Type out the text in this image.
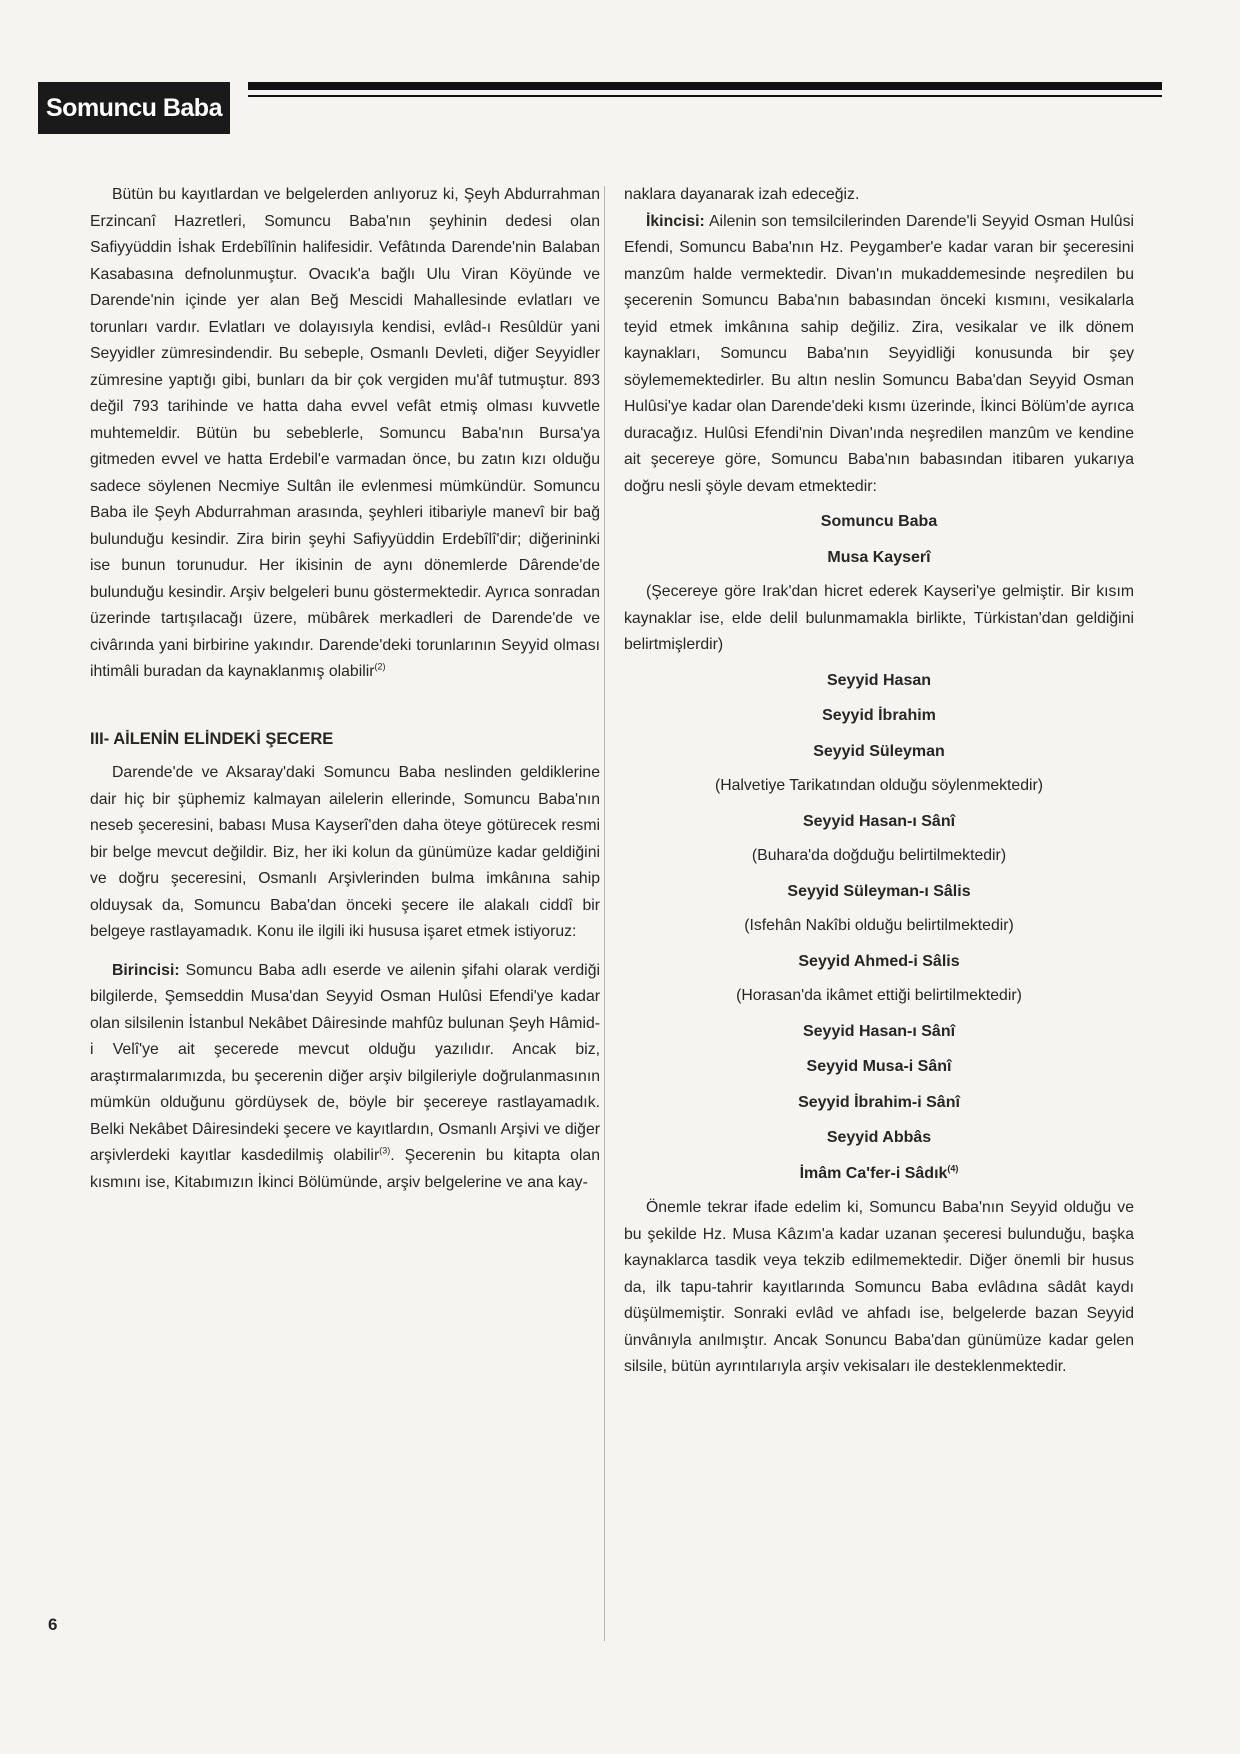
Somuncu Baba

Bütün bu kayıtlardan ve belgelerden anlıyoruz ki, Şeyh Abdurrahman Erzincanî Hazretleri, Somuncu Baba'nın şeyhinin dedesi olan Safiyyüddin İshak Erdebîlînin halifesidir. Vefâtında Darende'nin Balaban Kasabasına defnolunmuştur. Ovacık'a bağlı Ulu Viran Köyünde ve Darende'nin içinde yer alan Beğ Mescidi Mahallesinde evlatları ve torunları vardır. Evlatları ve dolayısıyla kendisi, evlâd-ı Resûldür yani Seyyidler zümresindendir. Bu sebeple, Osmanlı Devleti, diğer Seyyidler zümresine yaptığı gibi, bunları da bir çok vergiden mu'âf tutmuştur. 893 değil 793 tarihinde ve hatta daha evvel vefât etmiş olması kuvvetle muhtemeldir. Bütün bu sebeblerle, Somuncu Baba'nın Bursa'ya gitmeden evvel ve hatta Erdebil'e varmadan önce, bu zatın kızı olduğu sadece söylenen Necmiye Sultân ile evlenmesi mümkündür. Somuncu Baba ile Şeyh Abdurrahman arasında, şeyhleri itibariyle manevî bir bağ bulunduğu kesindir. Zira birin şeyhi Safiyyüddin Erdebîlî'dir; diğerininki ise bunun torunudur. Her ikisinin de aynı dönemlerde Dârende'de bulunduğu kesindir. Arşiv belgeleri bunu göstermektedir. Ayrıca sonradan üzerinde tartışılacağı üzere, mübârek merkadleri de Darende'de ve civârında yani birbirine yakındır. Darende'deki torunlarının Seyyid olması ihtimâli buradan da kaynaklanmış olabilir$^{(2)}$

III- AİLENİN ELİNDEKİ ŞECERE

Darende'de ve Aksaray'daki Somuncu Baba neslinden geldiklerine dair hiç bir şüphemiz kalmayan ailelerin ellerinde, Somuncu Baba'nın neseb şeceresini, babası Musa Kayserî'den daha öteye götürecek resmi bir belge mevcut değildir. Biz, her iki kolun da günümüze kadar geldiğini ve doğru şeceresini, Osmanlı Arşivlerinden bulma imkânına sahip olduysak da, Somuncu Baba'dan önceki şecere ile alakalı ciddî bir belgeye rastlayamadık. Konu ile ilgili iki hususa işaret etmek istiyoruz:

Birincisi: Somuncu Baba adlı eserde ve ailenin şifahi olarak verdiği bilgilerde, Şemseddin Musa'dan Seyyid Osman Hulûsi Efendi'ye kadar olan silsilenin İstanbul Nekâbet Dâiresinde mahfûz bulunan Şeyh Hâmid-i Velî'ye ait şecerede mevcut olduğu yazılıdır. Ancak biz, araştırmalarımızda, bu şecerenin diğer arşiv bilgileriyle doğrulanmasının mümkün olduğunu gördüysek de, böyle bir şecereye rastlayamadık. Belki Nekâbet Dâiresindeki şecere ve kayıtlardın, Osmanlı Arşivi ve diğer arşivlerdeki kayıtlar kasdedilmiş olabilir$^{(3)}$. Şecerenin bu kitapta olan kısmını ise, Kitabımızın İkinci Bölümünde, arşiv belgelerine ve ana kay-

naklara dayanarak izah edeceğiz.

İkincisi: Ailenin son temsilcilerinden Darende'li Seyyid Osman Hulûsi Efendi, Somuncu Baba'nın Hz. Peygamber'e kadar varan bir şeceresini manzûm halde vermektedir. Divan'ın mukaddemesinde neşredilen bu şecerenin Somuncu Baba'nın babasından önceki kısmını, vesikalarla teyid etmek imkânına sahip değiliz. Zira, vesikalar ve ilk dönem kaynakları, Somuncu Baba'nın Seyyidliği konusunda bir şey söylememektedirler. Bu altın neslin Somuncu Baba'dan Seyyid Osman Hulûsi'ye kadar olan Darende'deki kısmı üzerinde, İkinci Bölüm'de ayrıca duracağız. Hulûsi Efendi'nin Divan'ında neşredilen manzûm ve kendine ait şecereye göre, Somuncu Baba'nın babasından itibaren yukarıya doğru nesli şöyle devam etmektedir:

Somuncu Baba

Musa Kayserî

(Şecereye göre Irak'dan hicret ederek Kayseri'ye gelmiştir. Bir kısım kaynaklar ise, elde delil bulunmamakla birlikte, Türkistan'dan geldiğini belirtmişlerdir)

Seyyid Hasan

Seyyid İbrahim

Seyyid Süleyman

(Halvetiye Tarikatından olduğu söylenmektedir)

Seyyid Hasan-ı Sânî

(Buhara'da doğduğu belirtilmektedir)

Seyyid Süleyman-ı Sâlis

(Isfehân Nakîbi olduğu belirtilmektedir)

Seyyid Ahmed-i Sâlis

(Horasan'da ikâmet ettiği belirtilmektedir)

Seyyid Hasan-ı Sânî

Seyyid Musa-i Sânî

Seyyid İbrahim-i Sânî

Seyyid Abbâs

İmâm Ca'fer-i Sâdık$^{(4)}$

Önemle tekrar ifade edelim ki, Somuncu Baba'nın Seyyid olduğu ve bu şekilde Hz. Musa Kâzım'a kadar uzanan şeceresi bulunduğu, başka kaynaklarca tasdik veya tekzib edilmemektedir. Diğer önemli bir husus da, ilk tapu-tahrir kayıtlarında Somuncu Baba evlâdına sâdât kaydı düşülmemiştir. Sonraki evlâd ve ahfadı ise, belgelerde bazan Seyyid ünvânıyla anılmıştır. Ancak Sonuncu Baba'dan günümüze kadar gelen silsile, bütün ayrıntılarıyla arşiv vekisaları ile desteklenmektedir.

6
